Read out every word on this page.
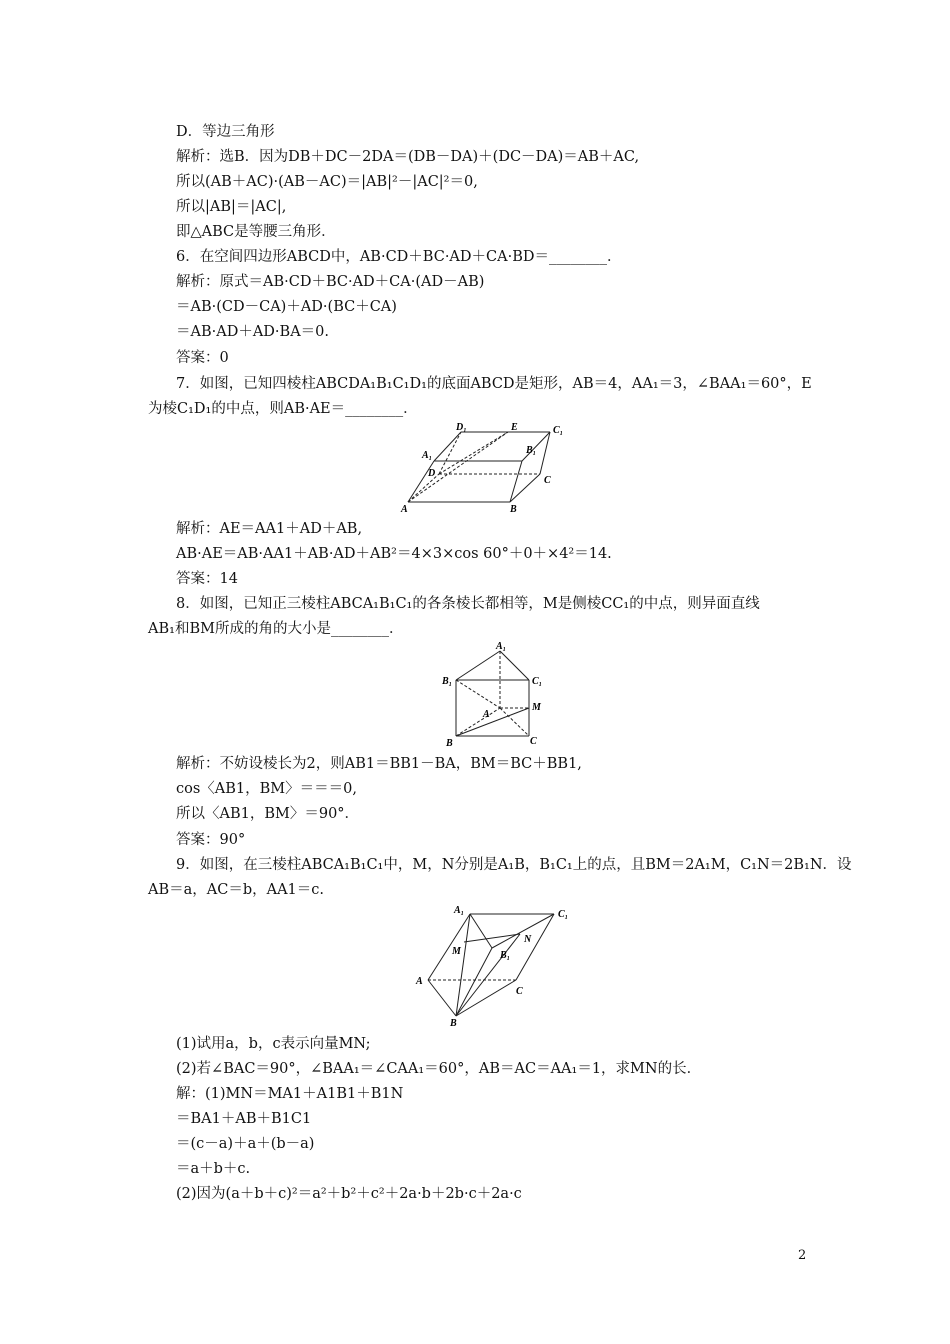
D．等边三角形
解析：选B．因为DB＋DC－2DA＝(DB－DA)＋(DC－DA)＝AB＋AC,
所以(AB＋AC)·(AB－AC)＝|AB|²－|AC|²＝0,
所以|AB|＝|AC|,
即△ABC是等腰三角形．
6．在空间四边形ABCD中，AB·CD＋BC·AD＋CA·BD＝________．
解析：原式＝AB·CD＋BC·AD＋CA·(AD－AB)
＝AB·(CD－CA)＋AD·(BC＋CA)
＝AB·AD＋AD·BA＝0.
答案：0
7．如图，已知四棱柱ABCDA₁B₁C₁D₁的底面ABCD是矩形，AB＝4，AA₁＝3，∠BAA₁＝60°，E
为棱C₁D₁的中点，则AB·AE＝________．
D₁	E	C₁
A₁	B₁
D
C
A	B
解析：AE＝AA1＋AD＋AB,
AB·AE＝AB·AA1＋AB·AD＋AB²＝4×3×cos 60°＋0＋×4²＝14.
答案：14
8．如图，已知正三棱柱ABCA₁B₁C₁的各条棱长都相等，M是侧棱CC₁的中点，则异面直线
AB₁和BM所成的角的大小是________．
A₁
B₁	C₁
A
M
B	C
解析：不妨设棱长为2，则AB1＝BB1－BA，BM＝BC＋BB1,
cos〈AB1，BM〉＝＝＝0,
所以〈AB1，BM〉＝90°．
答案：90°
9．如图，在三棱柱ABCA₁B₁C₁中，M，N分别是A₁B，B₁C₁上的点，且BM＝2A₁M，C₁N＝2B₁N．设
AB＝a，AC＝b，AA1＝c.
A₁	C₁
M
N
B₁
A
C
B
(1)试用a，b，c表示向量MN;
(2)若∠BAC＝90°，∠BAA₁＝∠CAA₁＝60°，AB＝AC＝AA₁＝1，求MN的长．
解：(1)MN＝MA1＋A1B1＋B1N
＝BA1＋AB＋B1C1
＝(c－a)＋a＋(b－a)
＝a＋b＋c.
(2)因为(a＋b＋c)²＝a²＋b²＋c²＋2a·b＋2b·c＋2a·c
2
